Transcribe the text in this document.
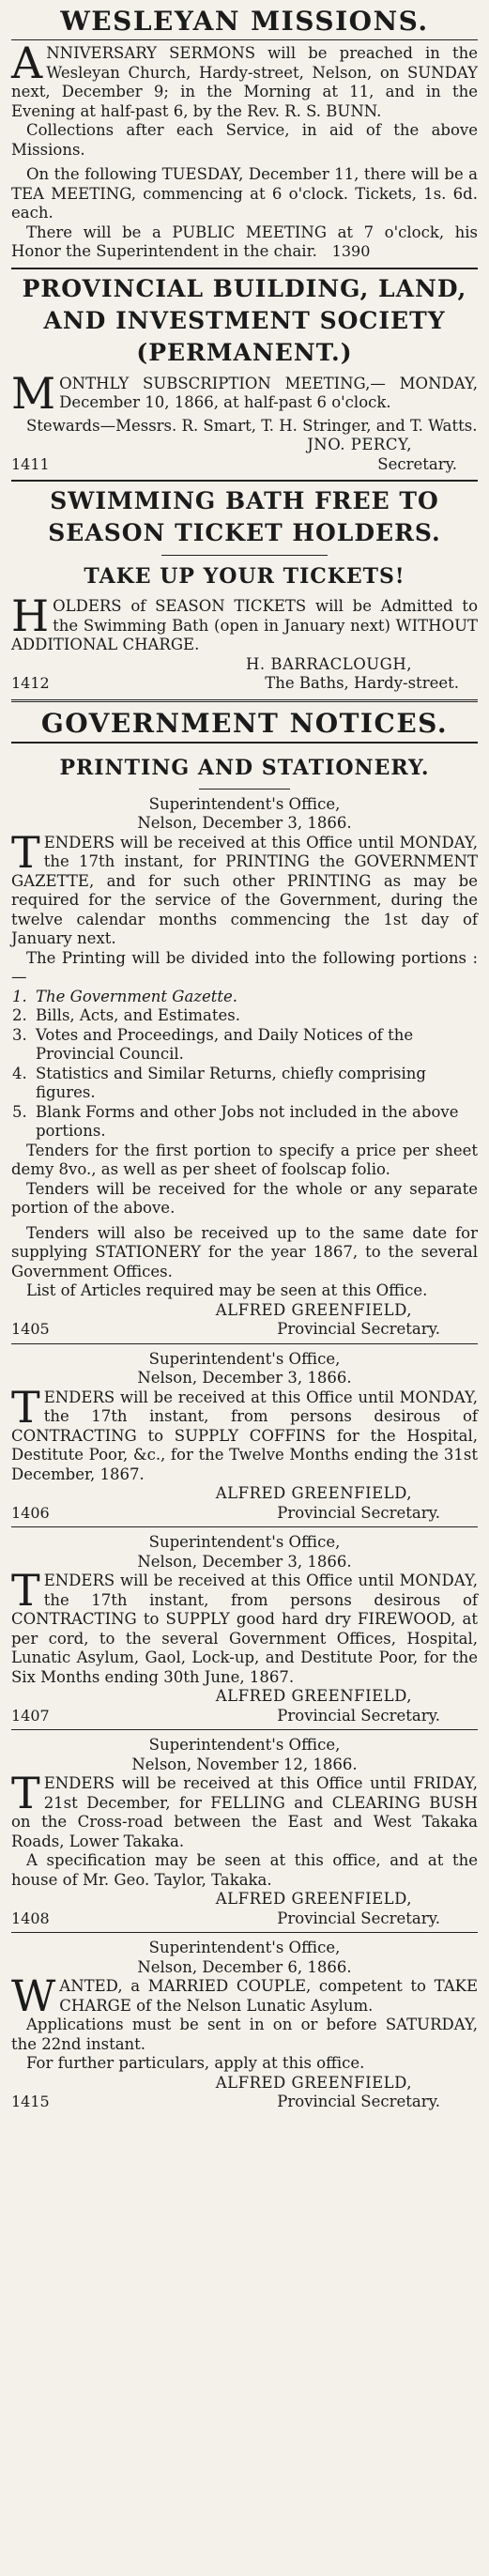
WESLEYAN MISSIONS.

ANNIVERSARY SERMONS will be preached in the Wesleyan Church, Hardy-street, Nelson, on SUNDAY next, December 9; in the Morning at 11, and in the Evening at half-past 6, by the Rev. R. S. BUNN.

Collections after each Service, in aid of the above Missions.

On the following TUESDAY, December 11, there will be a TEA MEETING, commencing at 6 o'clock. Tickets, 1s. 6d. each.

There will be a PUBLIC MEETING at 7 o'clock, his Honor the Superintendent in the chair. 1390

PROVINCIAL BUILDING, LAND, AND INVESTMENT SOCIETY (PERMANENT.)

MONTHLY SUBSCRIPTION MEETING,— MONDAY, December 10, 1866, at half-past 6 o'clock.

Stewards—Messrs. R. Smart, T. H. Stringer, and T. Watts.

JNO. PERCY,
1411	Secretary.
SWIMMING BATH FREE TO SEASON TICKET HOLDERS.
TAKE UP YOUR TICKETS!

HOLDERS of SEASON TICKETS will be Admitted to the Swimming Bath (open in January next) WITHOUT ADDITIONAL CHARGE.

H. BARRACLOUGH,
1412	The Baths, Hardy-street.
GOVERNMENT NOTICES.
PRINTING AND STATIONERY.
Superintendent's Office,
Nelson, December 3, 1866.

TENDERS will be received at this Office until MONDAY, the 17th instant, for PRINTING the GOVERNMENT GAZETTE, and for such other PRINTING as may be required for the service of the Government, during the twelve calendar months commencing the 1st day of January next.

The Printing will be divided into the following portions :—

1. The Government Gazette.
2. Bills, Acts, and Estimates.
3. Votes and Proceedings, and Daily Notices of the Provincial Council.
4. Statistics and Similar Returns, chiefly comprising figures.
5. Blank Forms and other Jobs not included in the above portions.

Tenders for the first portion to specify a price per sheet demy 8vo., as well as per sheet of foolscap folio.

Tenders will be received for the whole or any separate portion of the above.

Tenders will also be received up to the same date for supplying STATIONERY for the year 1867, to the several Government Offices.

List of Articles required may be seen at this Office.

ALFRED GREENFIELD,
1405	Provincial Secretary.
Superintendent's Office,
Nelson, December 3, 1866.

TENDERS will be received at this Office until MONDAY, the 17th instant, from persons desirous of CONTRACTING to SUPPLY COFFINS for the Hospital, Destitute Poor, &c., for the Twelve Months ending the 31st December, 1867.

ALFRED GREENFIELD,
1406	Provincial Secretary.
Superintendent's Office,
Nelson, December 3, 1866.

TENDERS will be received at this Office until MONDAY, the 17th instant, from persons desirous of CONTRACTING to SUPPLY good hard dry FIREWOOD, at per cord, to the several Government Offices, Hospital, Lunatic Asylum, Gaol, Lock-up, and Destitute Poor, for the Six Months ending 30th June, 1867.

ALFRED GREENFIELD,
1407	Provincial Secretary.
Superintendent's Office,
Nelson, November 12, 1866.

TENDERS will be received at this Office until FRIDAY, 21st December, for FELLING and CLEARING BUSH on the Cross-road between the East and West Takaka Roads, Lower Takaka.

A specification may be seen at this office, and at the house of Mr. Geo. Taylor, Takaka.

ALFRED GREENFIELD,
1408	Provincial Secretary.
Superintendent's Office,
Nelson, December 6, 1866.

WANTED, a MARRIED COUPLE, competent to TAKE CHARGE of the Nelson Lunatic Asylum.

Applications must be sent in on or before SATURDAY, the 22nd instant.

For further particulars, apply at this office.

ALFRED GREENFIELD,
1415	Provincial Secretary.
